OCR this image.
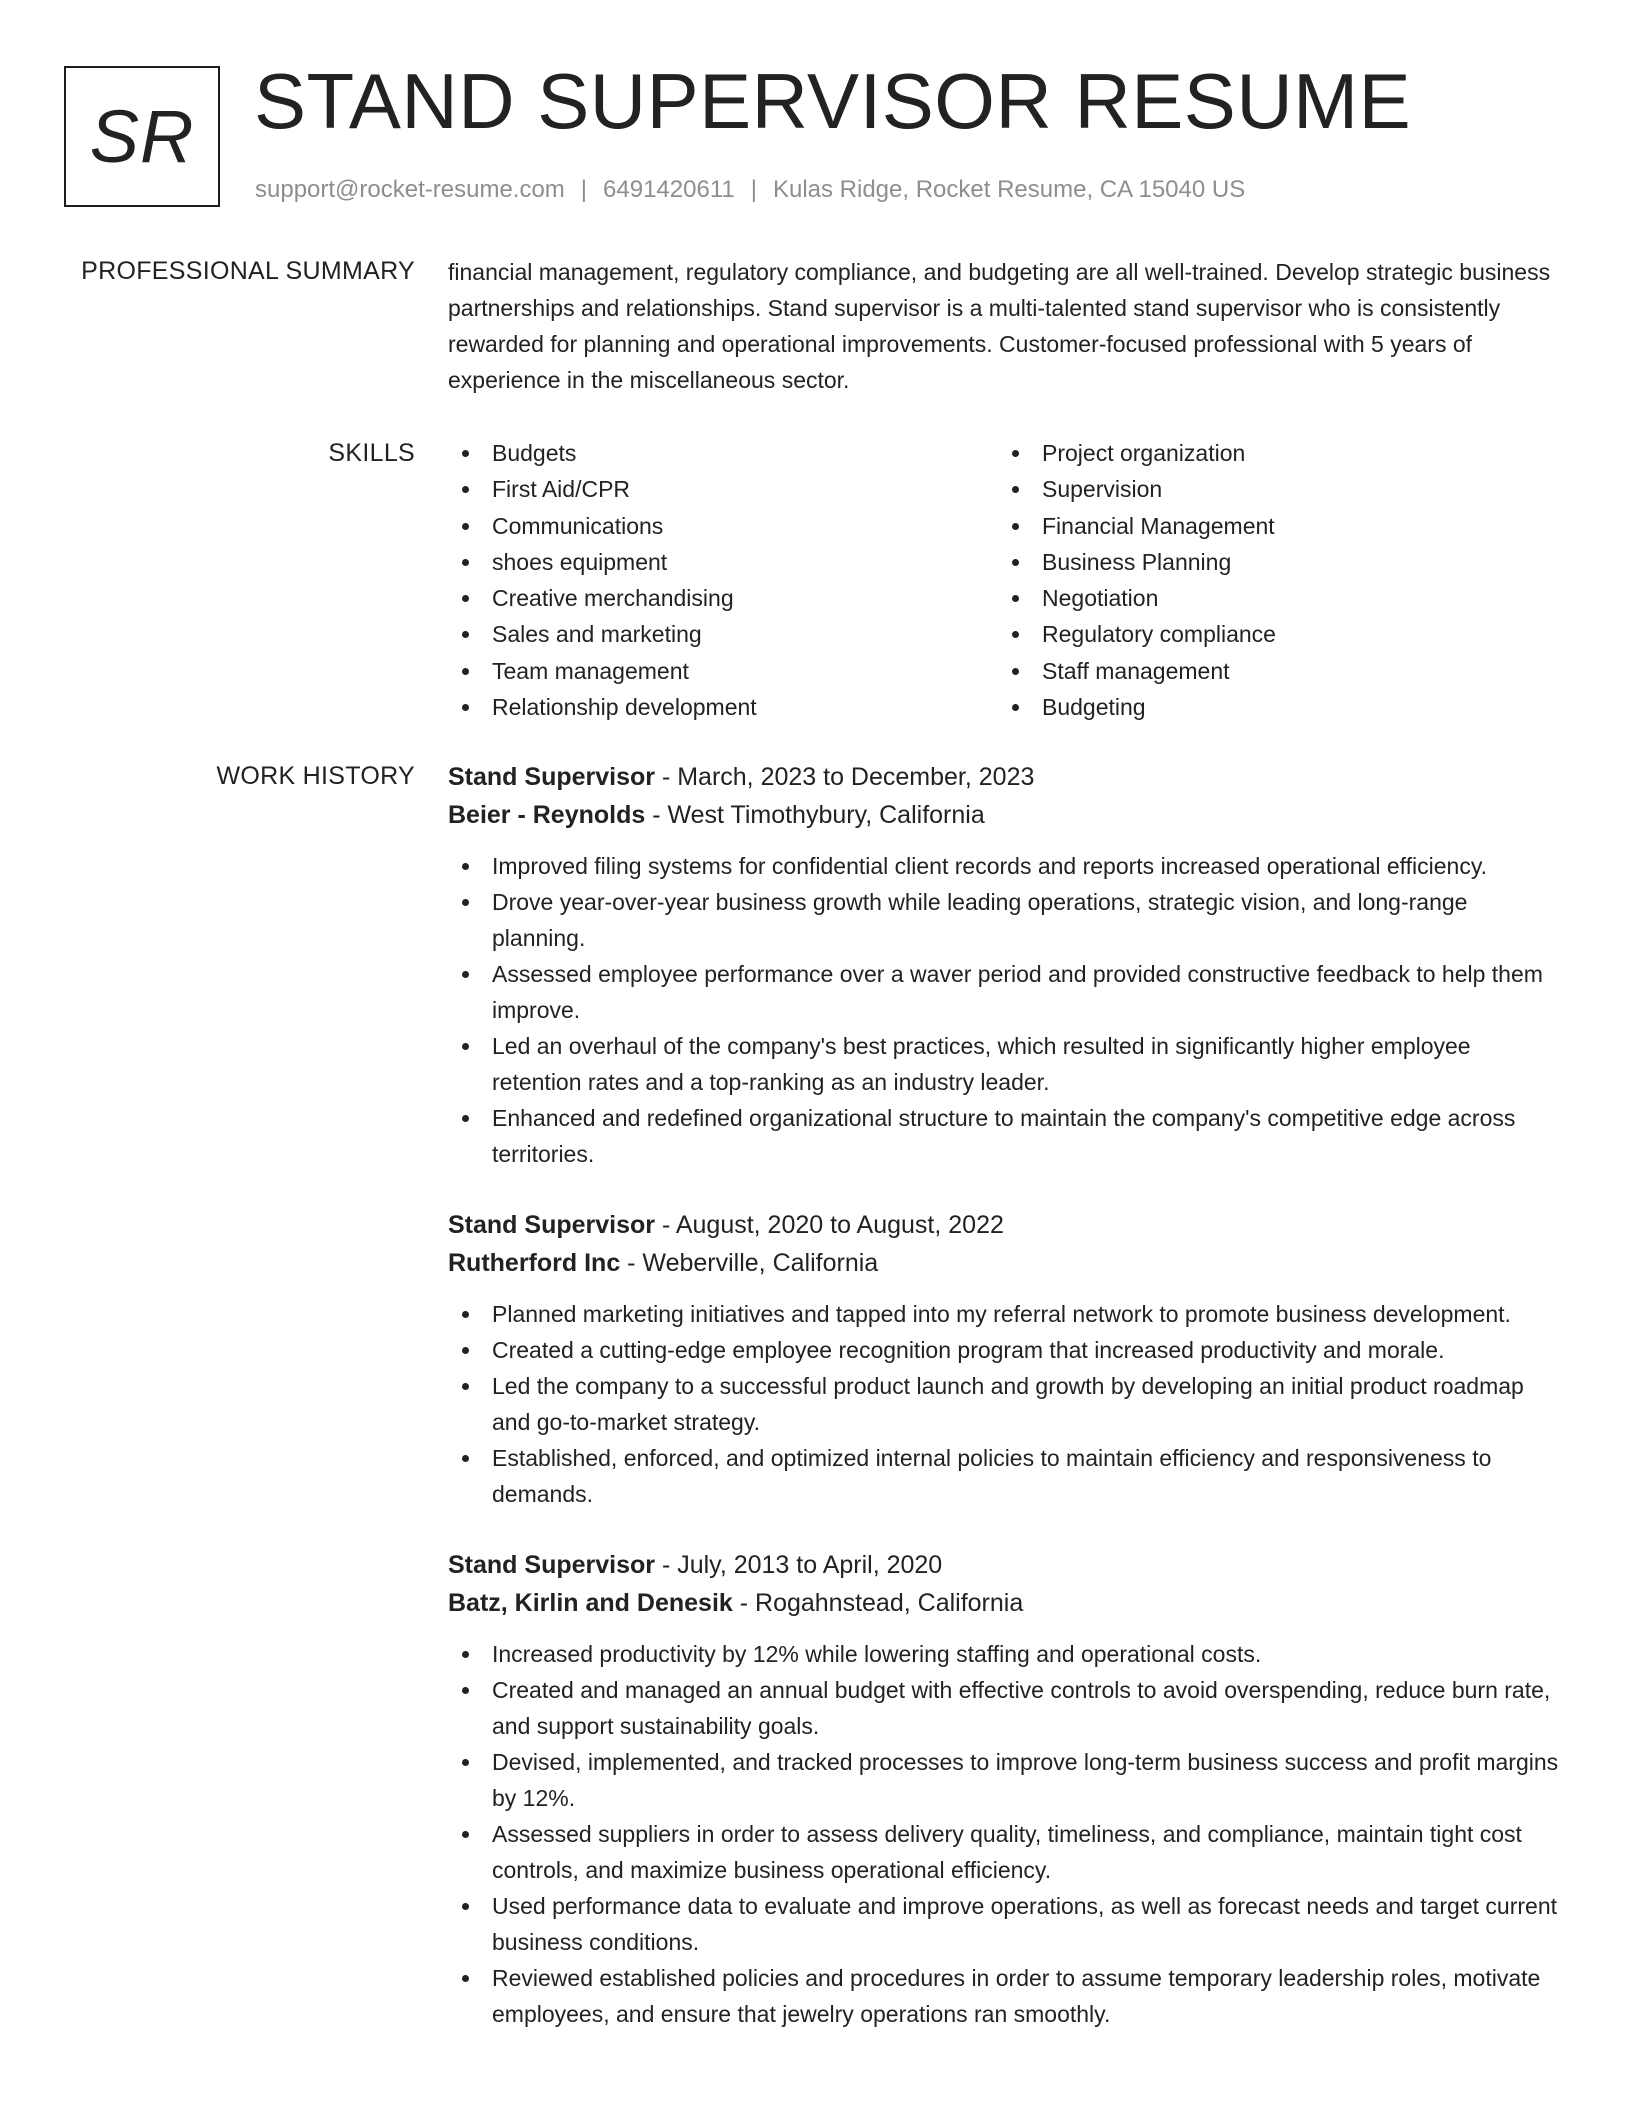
SR STAND SUPERVISOR RESUME
support@rocket-resume.com | 6491420611 | Kulas Ridge, Rocket Resume, CA 15040 US
PROFESSIONAL SUMMARY financial management, regulatory compliance, and budgeting are all well-trained. Develop strategic business partnerships and relationships. Stand supervisor is a multi-talented stand supervisor who is consistently rewarded for planning and operational improvements. Customer-focused professional with 5 years of experience in the miscellaneous sector.

SKILLS	Budgets
First Aid/CPR
Communications
shoes equipment
Creative merchandising
Sales and marketing
Team management
Relationship development
Project organization
Supervision
Financial Management
Business Planning
Negotiation
Regulatory compliance
Staff management
Budgeting
WORK HISTORY Stand Supervisor - March, 2023 to December, 2023
Beier - Reynolds - West Timothybury, California
Improved filing systems for confidential client records and reports increased operational efficiency.
Drove year-over-year business growth while leading operations, strategic vision, and long-range planning.
Assessed employee performance over a waver period and provided constructive feedback to help them improve.
Led an overhaul of the company's best practices, which resulted in significantly higher employee retention rates and a top-ranking as an industry leader.
Enhanced and redefined organizational structure to maintain the company's competitive edge across territories.
Stand Supervisor - August, 2020 to August, 2022
Rutherford Inc - Weberville, California
Planned marketing initiatives and tapped into my referral network to promote business development.
Created a cutting-edge employee recognition program that increased productivity and morale.
Led the company to a successful product launch and growth by developing an initial product roadmap and go-to-market strategy.
Established, enforced, and optimized internal policies to maintain efficiency and responsiveness to demands.
Stand Supervisor - July, 2013 to April, 2020
Batz, Kirlin and Denesik - Rogahnstead, California
Increased productivity by 12% while lowering staffing and operational costs.
Created and managed an annual budget with effective controls to avoid overspending, reduce burn rate, and support sustainability goals.
Devised, implemented, and tracked processes to improve long-term business success and profit margins by 12%.
Assessed suppliers in order to assess delivery quality, timeliness, and compliance, maintain tight cost controls, and maximize business operational efficiency.
Used performance data to evaluate and improve operations, as well as forecast needs and target current business conditions.
Reviewed established policies and procedures in order to assume temporary leadership roles, motivate employees, and ensure that jewelry operations ran smoothly.
